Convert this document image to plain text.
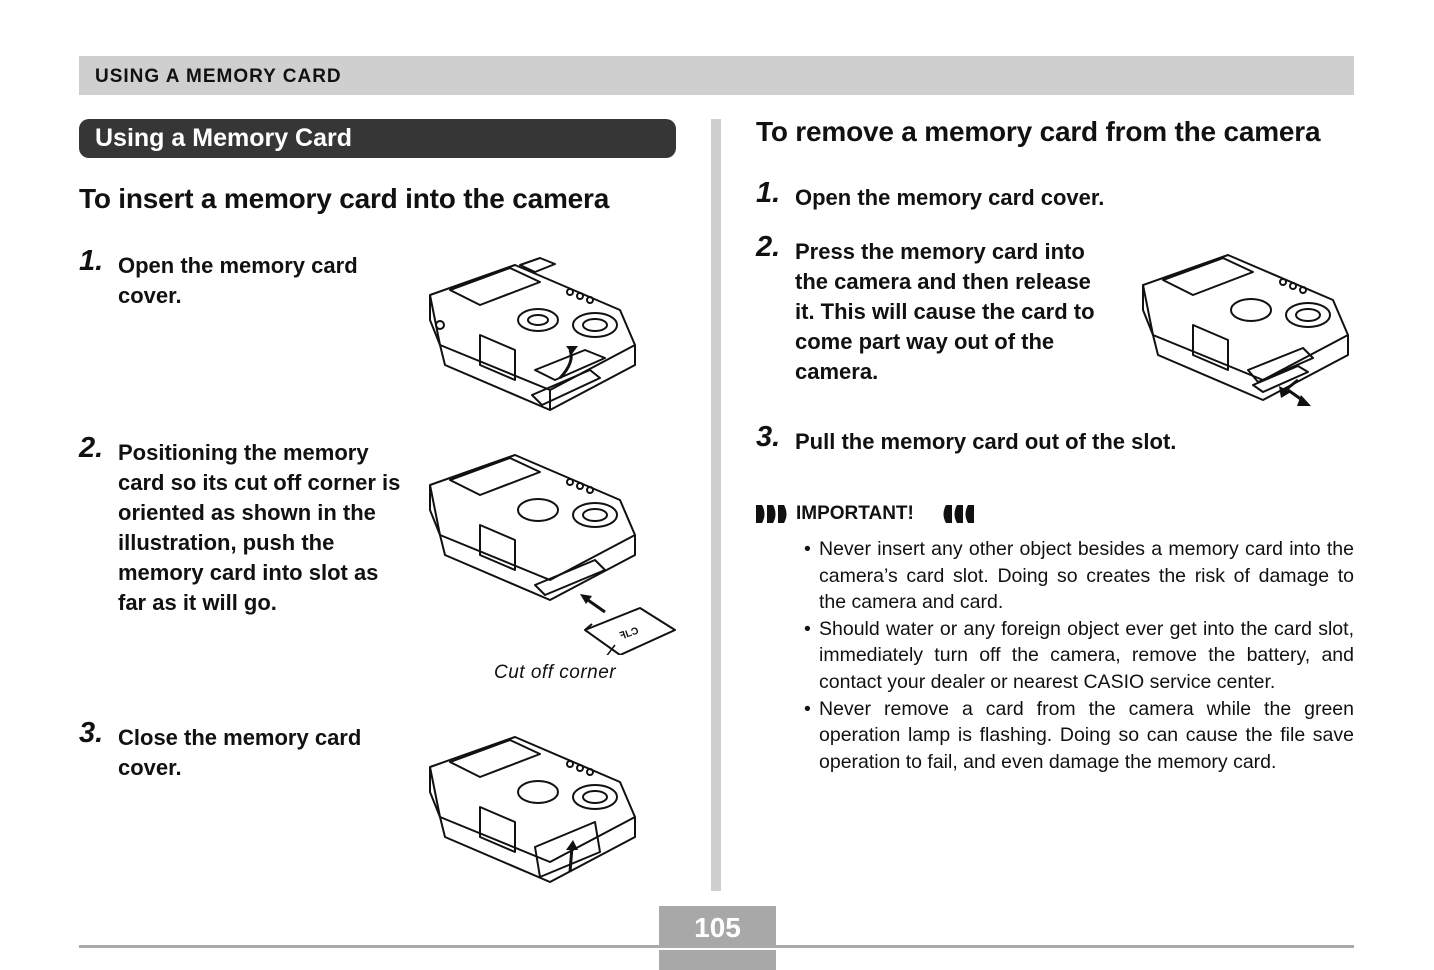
USING A MEMORY CARD
Using a Memory Card
To insert a memory card into the camera
1. Open the memory card cover.
2. Positioning the memory card so its cut off corner is oriented as shown in the illustration, push the memory card into slot as far as it will go.
3. Close the memory card cover.
ꟻLƆ
Cut off corner
To remove a memory card from the camera
1. Open the memory card cover.
2. Press the memory card into the camera and then release it. This will cause the card to come part way out of the camera.
3. Pull the memory card out of the slot.
IMPORTANT!
• Never insert any other object besides a memory card into the camera’s card slot. Doing so creates the risk of damage to the camera and card.
• Should water or any foreign object ever get into the card slot, immediately turn off the camera, remove the battery, and contact your dealer or nearest CASIO service center.
• Never remove a card from the camera while the green operation lamp is flashing. Doing so can cause the file save operation to fail, and even damage the memory card.
105
